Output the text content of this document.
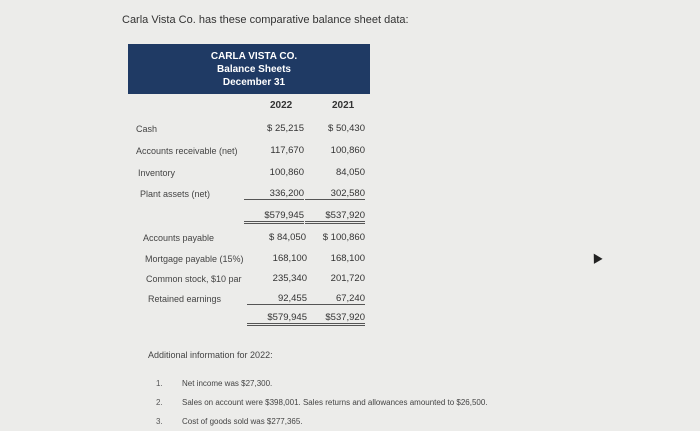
Carla Vista Co. has these comparative balance sheet data:
CARLA VISTA CO.
Balance Sheets
December 31
2022	2021
Cash	$ 25,215	$ 50,430
Accounts receivable (net)	117,670	100,860
Inventory	100,860	84,050
Plant assets (net)	336,200	302,580
$579,945	$537,920
Accounts payable	$ 84,050	$ 100,860
Mortgage payable (15%)	168,100	168,100
Common stock, $10 par	235,340	201,720
Retained earnings	92,455	67,240
$579,945	$537,920
Additional information for 2022:
1. Net income was $27,300.
2. Sales on account were $398,001. Sales returns and allowances amounted to $26,500.
3. Cost of goods sold was $277,365.
